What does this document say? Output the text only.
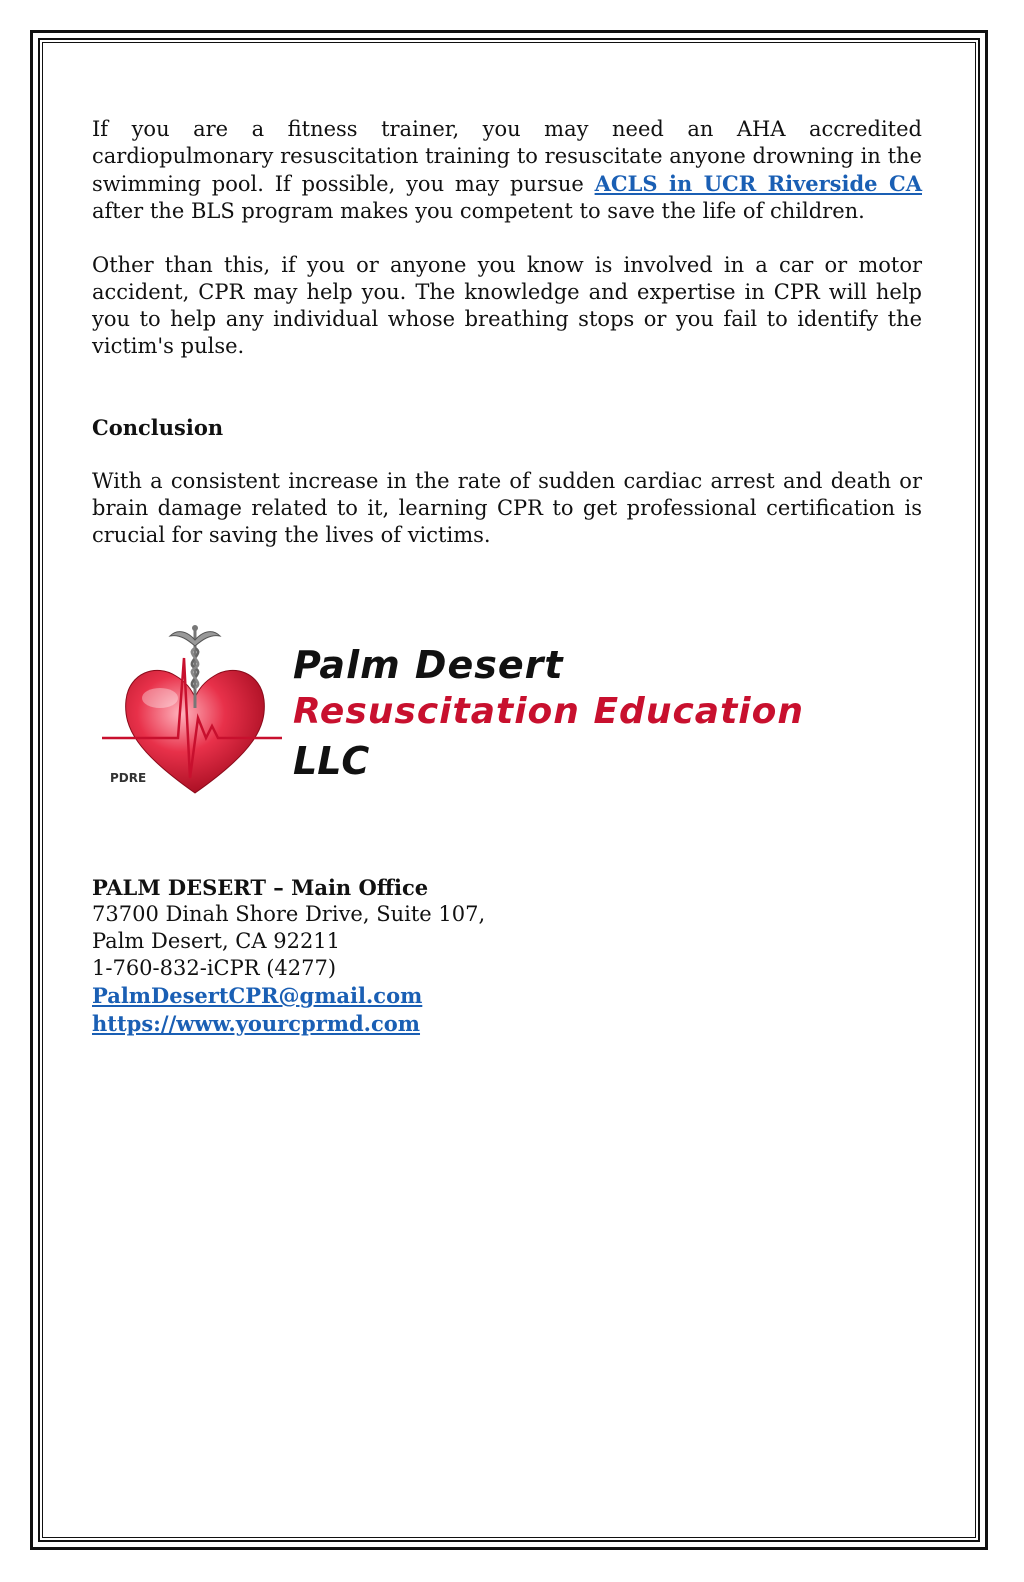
If you are a fitness trainer, you may need an AHA accredited cardiopulmonary resuscitation training to resuscitate anyone drowning in the swimming pool. If possible, you may pursue ACLS in UCR Riverside CA after the BLS program makes you competent to save the life of children.

Other than this, if you or anyone you know is involved in a car or motor accident, CPR may help you. The knowledge and expertise in CPR will help you to help any individual whose breathing stops or you fail to identify the victim's pulse.

Conclusion

With a consistent increase in the rate of sudden cardiac arrest and death or brain damage related to it, learning CPR to get professional certification is crucial for saving the lives of victims.

PDRE
Palm Desert
Resuscitation Education
LLC
PALM DESERT – Main Office
73700 Dinah Shore Drive, Suite 107,
Palm Desert, CA 92211
1-760-832-iCPR (4277)
PalmDesertCPR@gmail.com
https://www.yourcprmd.com
